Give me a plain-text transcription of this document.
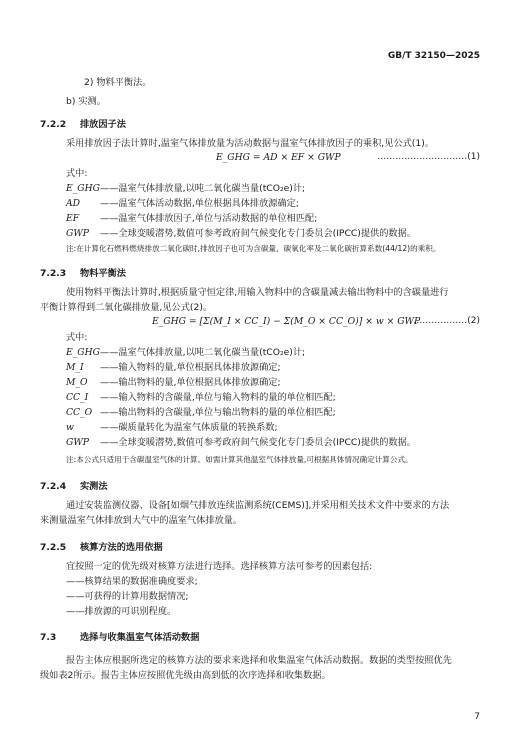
GB/T 32150—2025
2) 物料平衡法。
b) 实测。
7.2.2 排放因子法
采用排放因子法计算时,温室气体排放量为活动数据与温室气体排放因子的乘积,见公式(1)。
E_GHG = AD × EF × GWP	…………………………(1)
式中:
E_GHG——温室气体排放量,以吨二氧化碳当量(tCO₂e)计;
AD ——温室气体活动数据,单位根据具体排放源确定;
EF ——温室气体排放因子,单位与活动数据的单位相匹配;
GWP ——全球变暖潜势,数值可参考政府间气候变化专门委员会(IPCC)提供的数据。
注:在计算化石燃料燃烧排放二氧化碳时,排放因子也可为含碳量、碳氧化率及二氧化碳折算系数(44/12)的乘积。
7.2.3 物料平衡法
使用物料平衡法计算时,根据质量守恒定律,用输入物料中的含碳量减去输出物料中的含碳量进行
平衡计算得到二氧化碳排放量,见公式(2)。
E_GHG = [Σ(M_I × CC_I) − Σ(M_O × CC_O)] × w × GWP
………………(2)
式中:
E_GHG——温室气体排放量,以吨二氧化碳当量(tCO₂e)计;
M_I ——输入物料的量,单位根据具体排放源确定;
M_O ——输出物料的量,单位根据具体排放源确定;
CC_I ——输入物料的含碳量,单位与输入物料的量的单位相匹配;
CC_O ——输出物料的含碳量,单位与输出物料的量的单位相匹配;
w	——碳质量转化为温室气体质量的转换系数;
GWP ——全球变暖潜势,数值可参考政府间气候变化专门委员会(IPCC)提供的数据。
注:本公式只适用于含碳温室气体的计算。如需计算其他温室气体排放量,可根据具体情况确定计算公式。
7.2.4 实测法
通过安装监测仪器、设备[如烟气排放连续监测系统(CEMS)],并采用相关技术文件中要求的方法
来测量温室气体排放到大气中的温室气体排放量。
7.2.5 核算方法的选用依据
宜按照一定的优先级对核算方法进行选择。选择核算方法可参考的因素包括:
——核算结果的数据准确度要求;
——可获得的计算用数据情况;
——排放源的可识别程度。
7.3	选择与收集温室气体活动数据
报告主体应根据所选定的核算方法的要求来选择和收集温室气体活动数据。数据的类型按照优先
级如表2所示。报告主体应按照优先级由高到低的次序选择和收集数据。
7
